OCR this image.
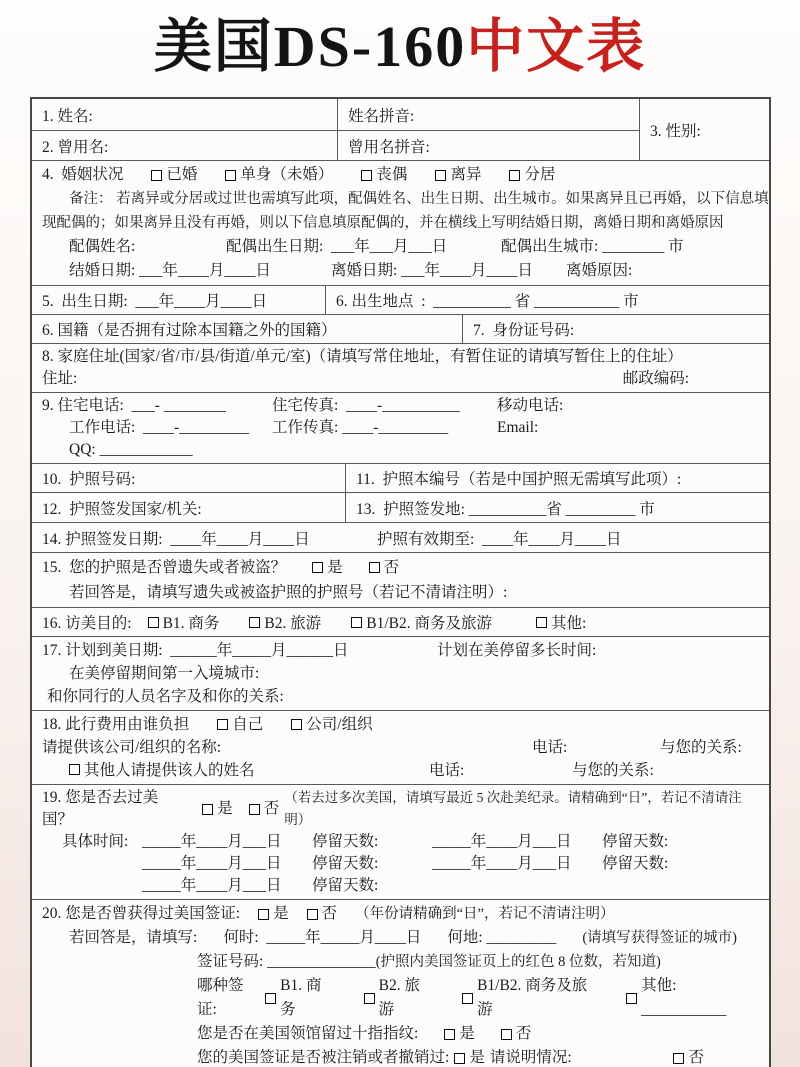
美国DS-160中文表
1. 姓名:	姓名拼音:
2. 曾用名:	曾用名拼音:
3. 性别:
4.  婚姻状况	已婚	单身（未婚）	丧偶	离异	分居
备注： 若离异或分居或过世也需填写此项，配偶姓名、出生日期、出生城市。如果离异且已再婚，以下信息填
现配偶的；如果离异且没有再婚，则以下信息填原配偶的，并在横线上写明结婚日期，离婚日期和离婚原因
配偶姓名:	配偶出生日期:  ___年___月___日	配偶出生城市: ________ 市
结婚日期: ___年____月____日	离婚日期: ___年____月____日	离婚原因:
5.  出生日期:  ___年____月____日	6. 出生地点  :  __________ 省 ___________ 市
6. 国籍（是否拥有过除本国籍之外的国籍）	7.  身份证号码:
8. 家庭住址(国家/省/市/县/街道/单元/室)（请填写常住地址，有暂住证的请填写暂住上的住址）
住址:	邮政编码:
9. 住宅电话:  ___- ________	住宅传真:  ____-__________	移动电话:
工作电话:  ____-_________	工作传真: ____-_________	Email:
QQ: ____________
10.  护照号码:	11.  护照本编号（若是中国护照无需填写此项）:
12.  护照签发国家/机关:	13.  护照签发地: __________省 _________ 市
14. 护照签发日期:  ____年____月____日	护照有效期至:  ____年____月____日
15.  您的护照是否曾遗失或者被盗？	是	否
若回答是，请填写遗失或被盗护照的护照号（若记不清请注明）:
16. 访美目的: B1. 商务	B2. 旅游	B1/B2. 商务及旅游	其他:
17. 计划到美日期:  ______年_____月______日	计划在美停留多长时间:
在美停留期间第一入境城市:
和你同行的人员名字及和你的关系:
18. 此行费用由谁负担	自己	公司/组织
请提供该公司/组织的名称:	电话:	与您的关系:
其他人请提供该人的姓名	电话:	与您的关系:
19. 您是否去过美国？
是 否
（若去过多次美国，请填写最近 5 次赴美纪录。请精确到“日”，若记不清请注明）
具体时间: _____年____月___日	停留天数:	_____年____月___日	停留天数:
_____年____月___日	停留天数:	_____年____月___日	停留天数:
_____年____月___日	停留天数:
20. 您是否曾获得过美国签证: 是 否 （年份请精确到“日”，若记不清请注明）
若回答是，请填写: 何时:  _____年_____月____日 何地: _________ (请填写获得签证的城市)
签证号码: ______________ (护照内美国签证页上的红色 8 位数，若知道)
哪种签证:
B1. 商务
B2. 旅游
B1/B2. 商务及旅游
其他: ___________
您是否在美国领馆留过十指指纹:	是	否
您的美国签证是否被注销或者撤销过: 是 请说明情况:	否
